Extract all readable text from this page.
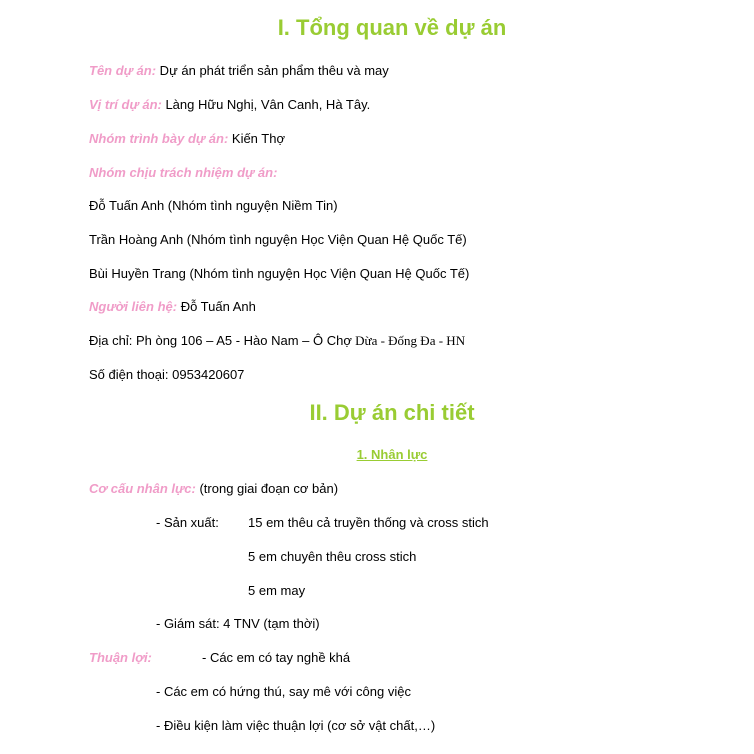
I. Tổng quan về dự án
Tên dự án: Dự án phát triển sản phẩm thêu và may
Vị trí dự án: Làng Hữu Nghị, Vân Canh, Hà Tây.
Nhóm trình bày dự án: Kiến Thợ
Nhóm chịu trách nhiệm dự án:
Đỗ Tuấn Anh (Nhóm tình nguyện Niềm Tin)
Trần Hoàng Anh (Nhóm tình nguyện Học Viện Quan Hệ Quốc Tế)
Bùi Huyền Trang (Nhóm tình nguyện Học Viện Quan Hệ Quốc Tế)
Người liên hệ: Đỗ Tuấn Anh
Địa chỉ: Ph òng 106 – A5 - Hào Nam – Ô Chợ Dừa - Đống Đa - HN
Số điện thoại: 0953420607
II. Dự án chi tiết
1. Nhân lực
Cơ cấu nhân lực: (trong giai đoạn cơ bản)
- Sản xuất: 15 em thêu cả truyền thống và cross stich
5 em chuyên thêu cross stich
5 em may
- Giám sát: 4 TNV (tạm thời)
Thuận lợi:	- Các em có tay nghề khá
- Các em có hứng thú, say mê với công việc
- Điều kiện làm việc thuận lợi (cơ sở vật chất,…)
